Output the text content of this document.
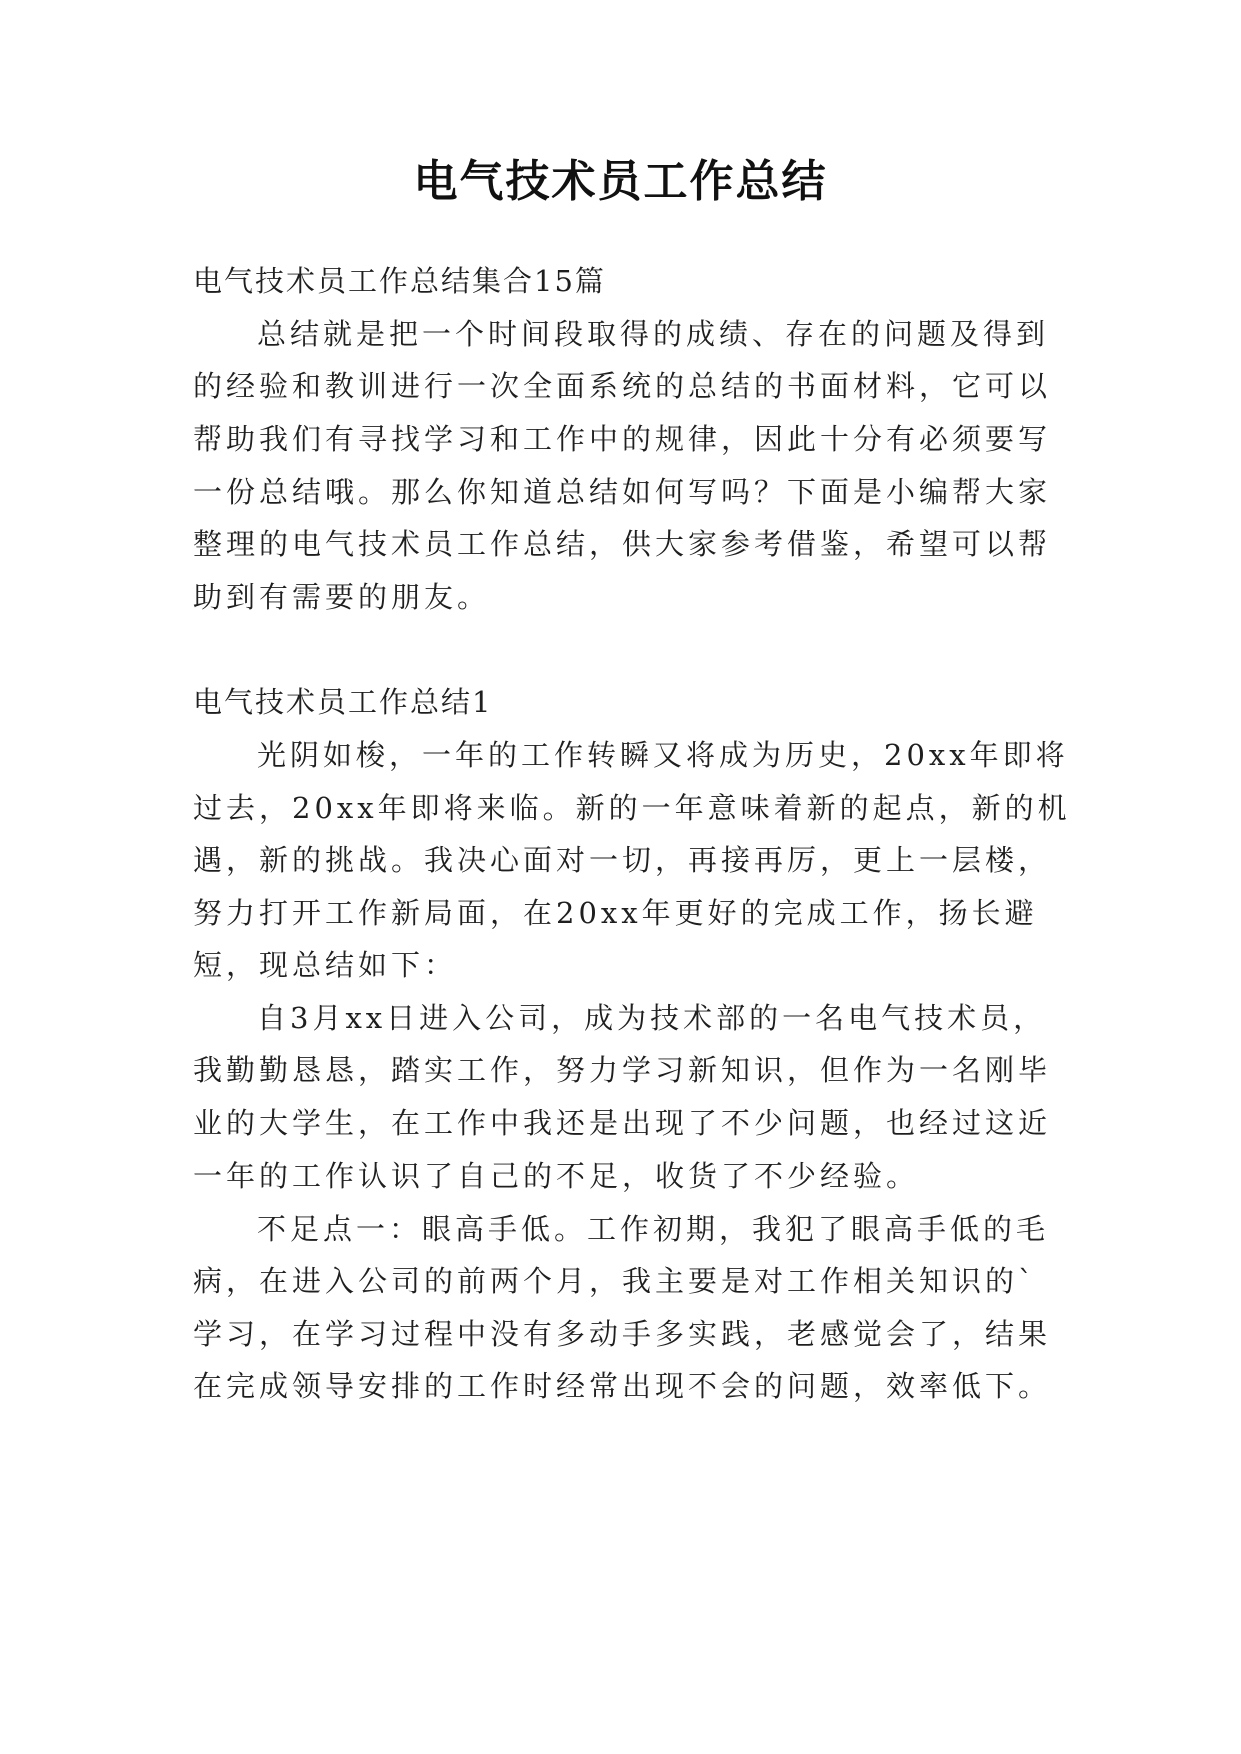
电气技术员工作总结
电气技术员工作总结集合15篇
总结就是把一个时间段取得的成绩、存在的问题及得到
的经验和教训进行一次全面系统的总结的书面材料，它可以
帮助我们有寻找学习和工作中的规律，因此十分有必须要写
一份总结哦。那么你知道总结如何写吗？下面是小编帮大家
整理的电气技术员工作总结，供大家参考借鉴，希望可以帮
助到有需要的朋友。
电气技术员工作总结1
光阴如梭，一年的工作转瞬又将成为历史，20xx年即将
过去，20xx年即将来临。新的一年意味着新的起点，新的机
遇，新的挑战。我决心面对一切，再接再厉，更上一层楼，
努力打开工作新局面，在20xx年更好的完成工作，扬长避
短，现总结如下：
自3月xx日进入公司，成为技术部的一名电气技术员，
我勤勤恳恳，踏实工作，努力学习新知识，但作为一名刚毕
业的大学生，在工作中我还是出现了不少问题，也经过这近
一年的工作认识了自己的不足，收货了不少经验。
不足点一：眼高手低。工作初期，我犯了眼高手低的毛
病，在进入公司的前两个月，我主要是对工作相关知识的`
学习，在学习过程中没有多动手多实践，老感觉会了，结果
在完成领导安排的工作时经常出现不会的问题，效率低下。
